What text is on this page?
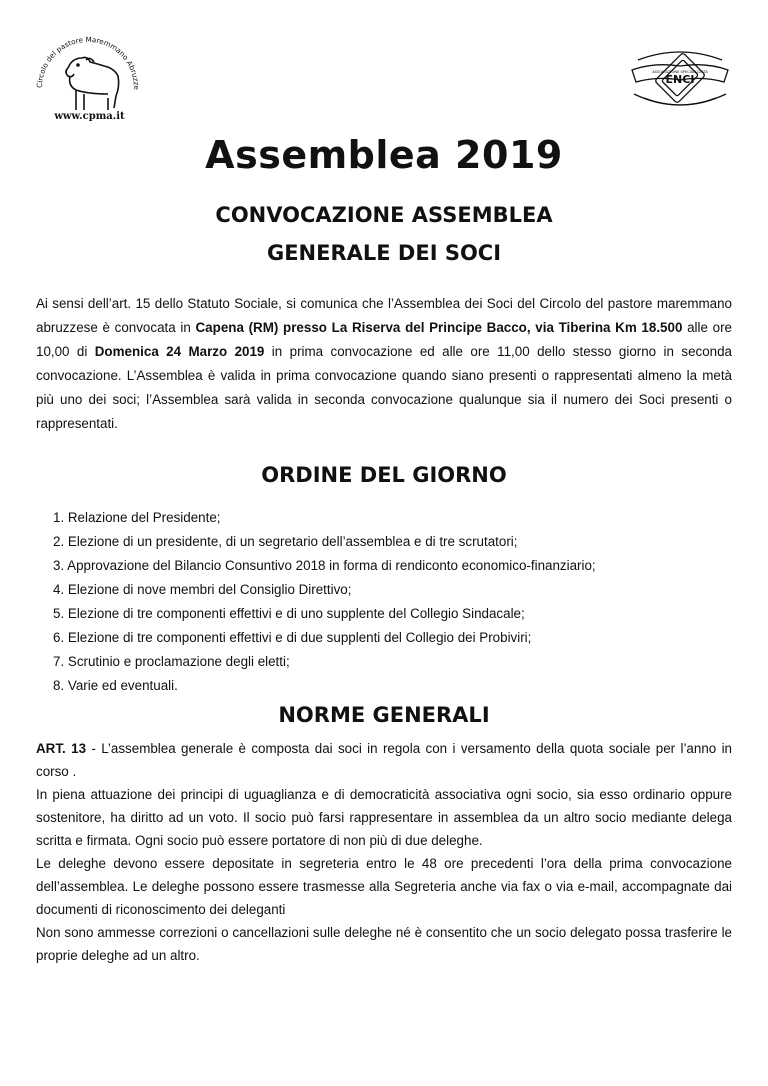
Circolo del pastore Maremmano Abruzze
www.cpma.it
ENCI
ASSOCIAZIONE SPECIALIZZATA
Assemblea 2019
CONVOCAZIONE ASSEMBLEA
GENERALE DEI SOCI

Ai sensi dell’art. 15 dello Statuto Sociale, si comunica che l’Assemblea dei Soci del Circolo del pastore maremmano abruzzese è convocata in Capena (RM) presso La Riserva del Principe Bacco, via Tiberina Km 18.500 alle ore 10,00 di Domenica 24 Marzo 2019 in prima convocazione ed alle ore 11,00 dello stesso giorno in seconda convocazione. L’Assemblea è valida in prima convocazione quando siano presenti o rappresentati almeno la metà più uno dei soci; l’Assemblea sarà valida in seconda convocazione qualunque sia il numero dei Soci presenti o rappresentati.

ORDINE DEL GIORNO
1. Relazione del Presidente;
2. Elezione di un presidente, di un segretario dell’assemblea e di tre scrutatori;
3. Approvazione del Bilancio Consuntivo 2018 in forma di rendiconto economico-finanziario;
4. Elezione di nove membri del Consiglio Direttivo;
5. Elezione di tre componenti effettivi e di uno supplente del Collegio Sindacale;
6. Elezione di tre componenti effettivi e di due supplenti del Collegio dei Probiviri;
7. Scrutinio e proclamazione degli eletti;
8. Varie ed eventuali.
NORME GENERALI

ART. 13 - L’assemblea generale è composta dai soci in regola con i versamento della quota sociale per l’anno in corso .

In piena attuazione dei principi di uguaglianza e di democraticità associativa ogni socio, sia esso ordinario oppure sostenitore, ha diritto ad un voto. Il socio può farsi rappresentare in assemblea da un altro socio mediante delega scritta e firmata. Ogni socio può essere portatore di non più di due deleghe.

Le deleghe devono essere depositate in segreteria entro le 48 ore precedenti l’ora della prima convocazione dell’assemblea. Le deleghe possono essere trasmesse alla Segreteria anche via fax o via e-mail, accompagnate dai documenti di riconoscimento dei deleganti

Non sono ammesse correzioni o cancellazioni sulle deleghe né è consentito che un socio delegato possa trasferire le proprie deleghe ad un altro.
